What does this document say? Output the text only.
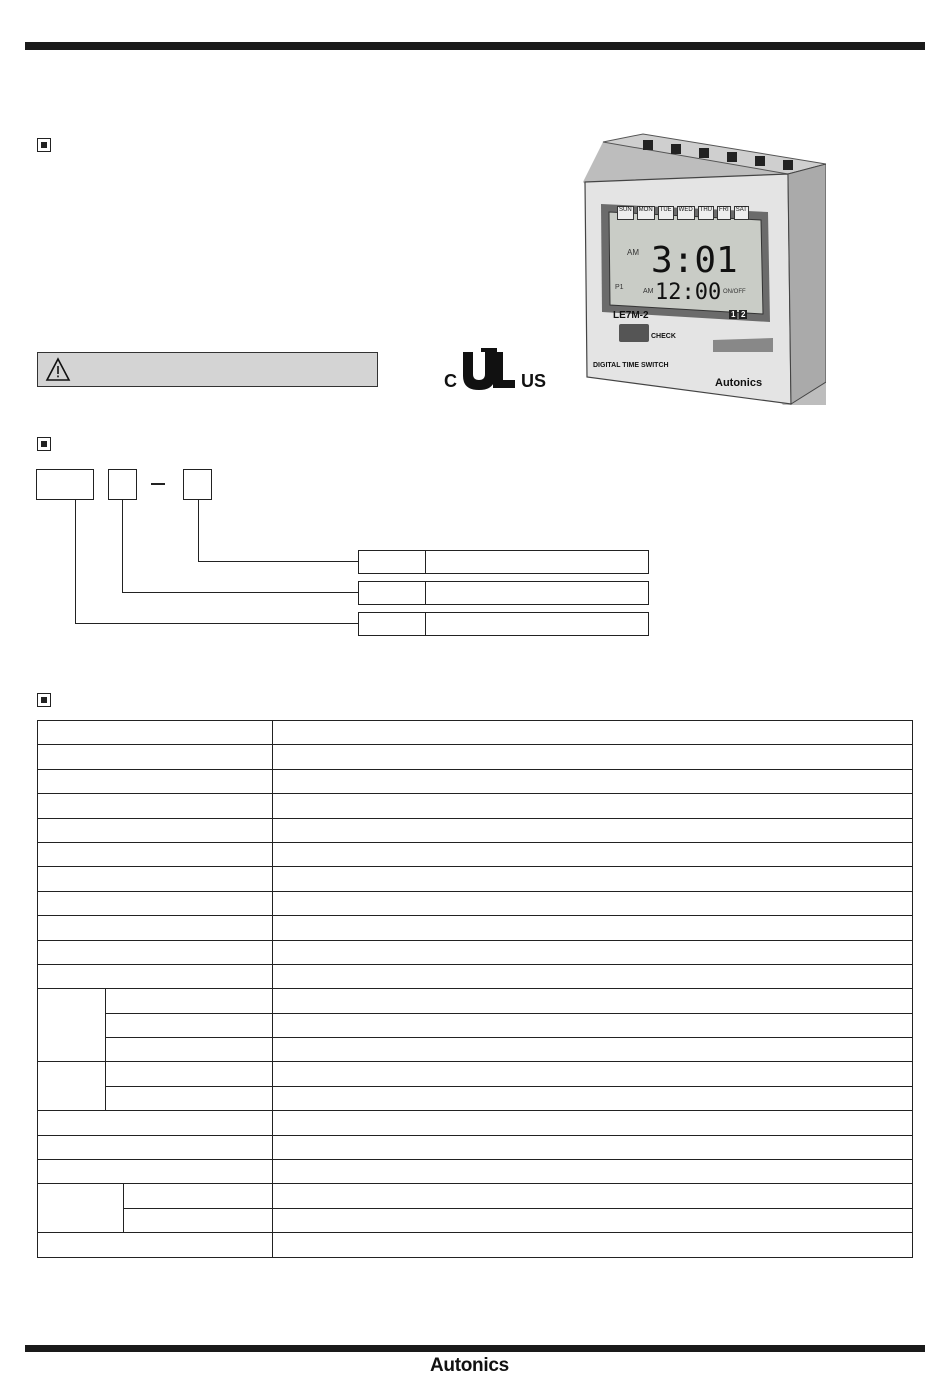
C	US
SUN	MON	TUE	WED	THU	FRI	SAT
AM 3:01
P1
AM 12:00 ON/OFF
LE7M-2	1 2
CHECK
DIGITAL TIME SWITCH
Autonics

Autonics
